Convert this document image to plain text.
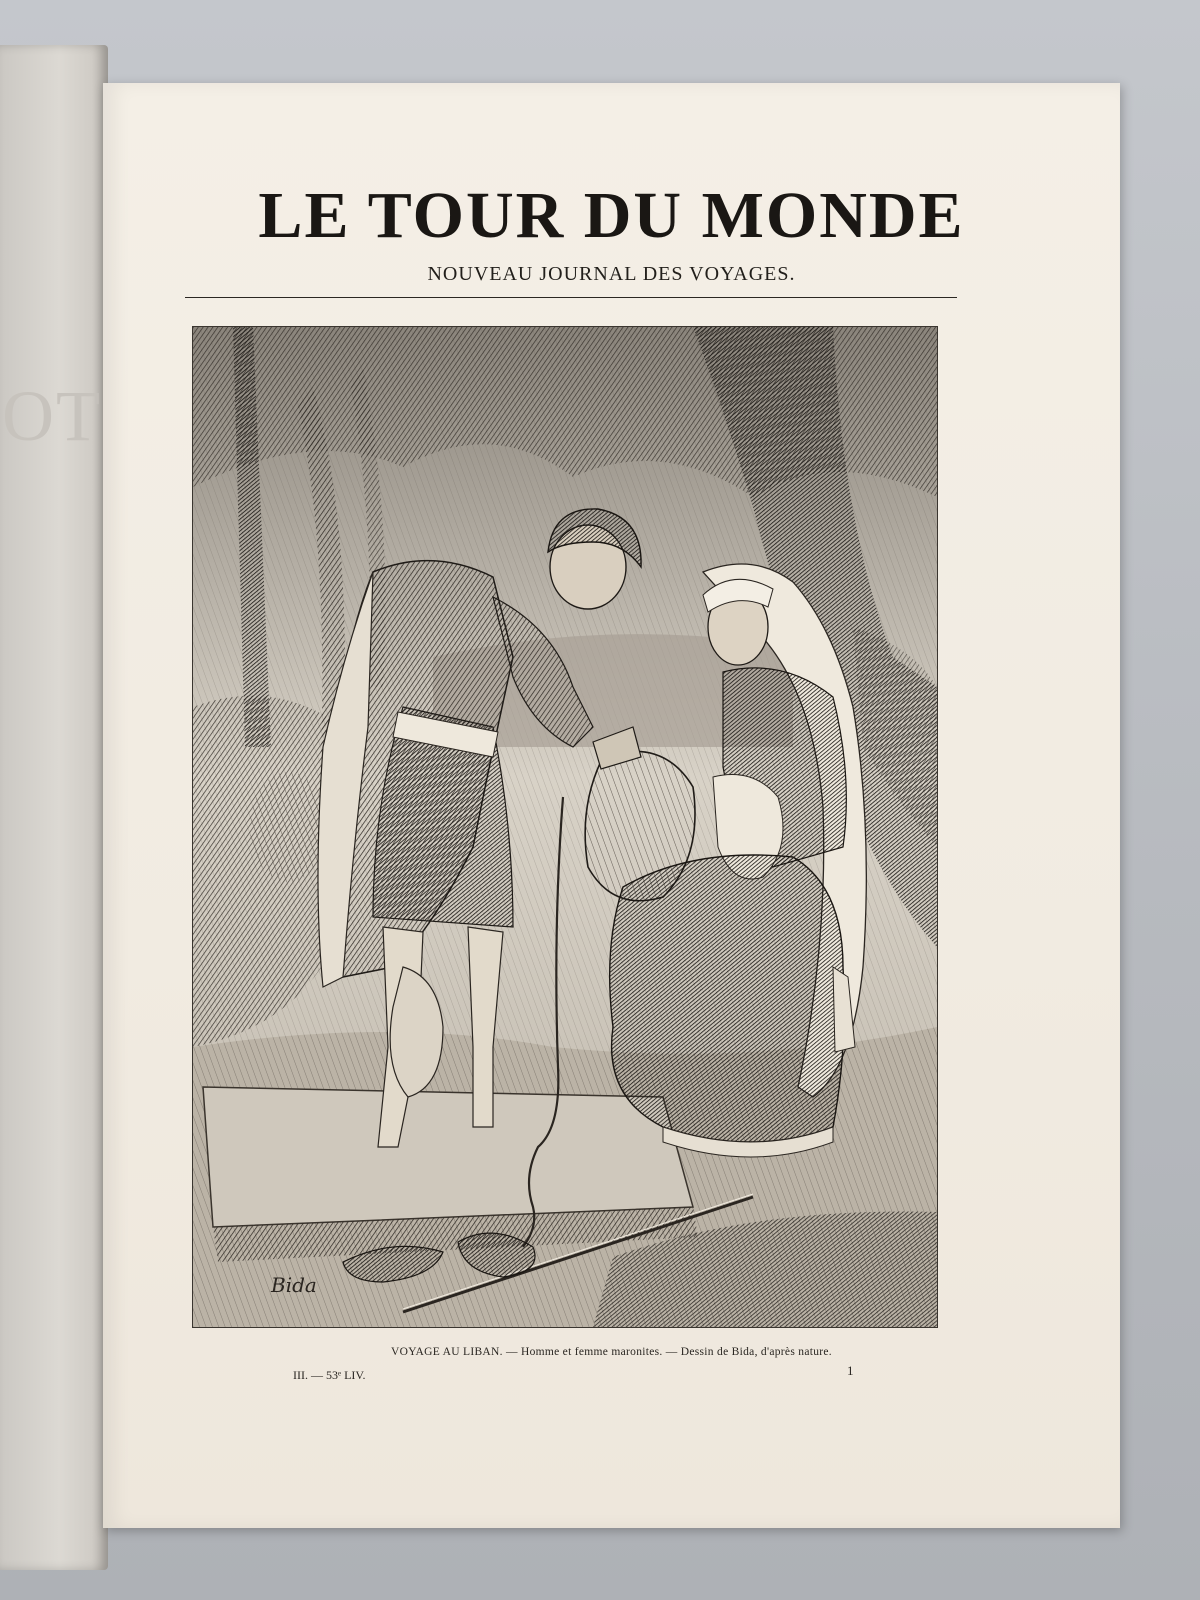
OT
LE TOUR DU MONDE

NOUVEAU JOURNAL DES VOYAGES.

Bida

VOYAGE AU LIBAN. — Homme et femme maronites. — Dessin de Bida, d'après nature.

III. — 53ᵉ LIV.	1
